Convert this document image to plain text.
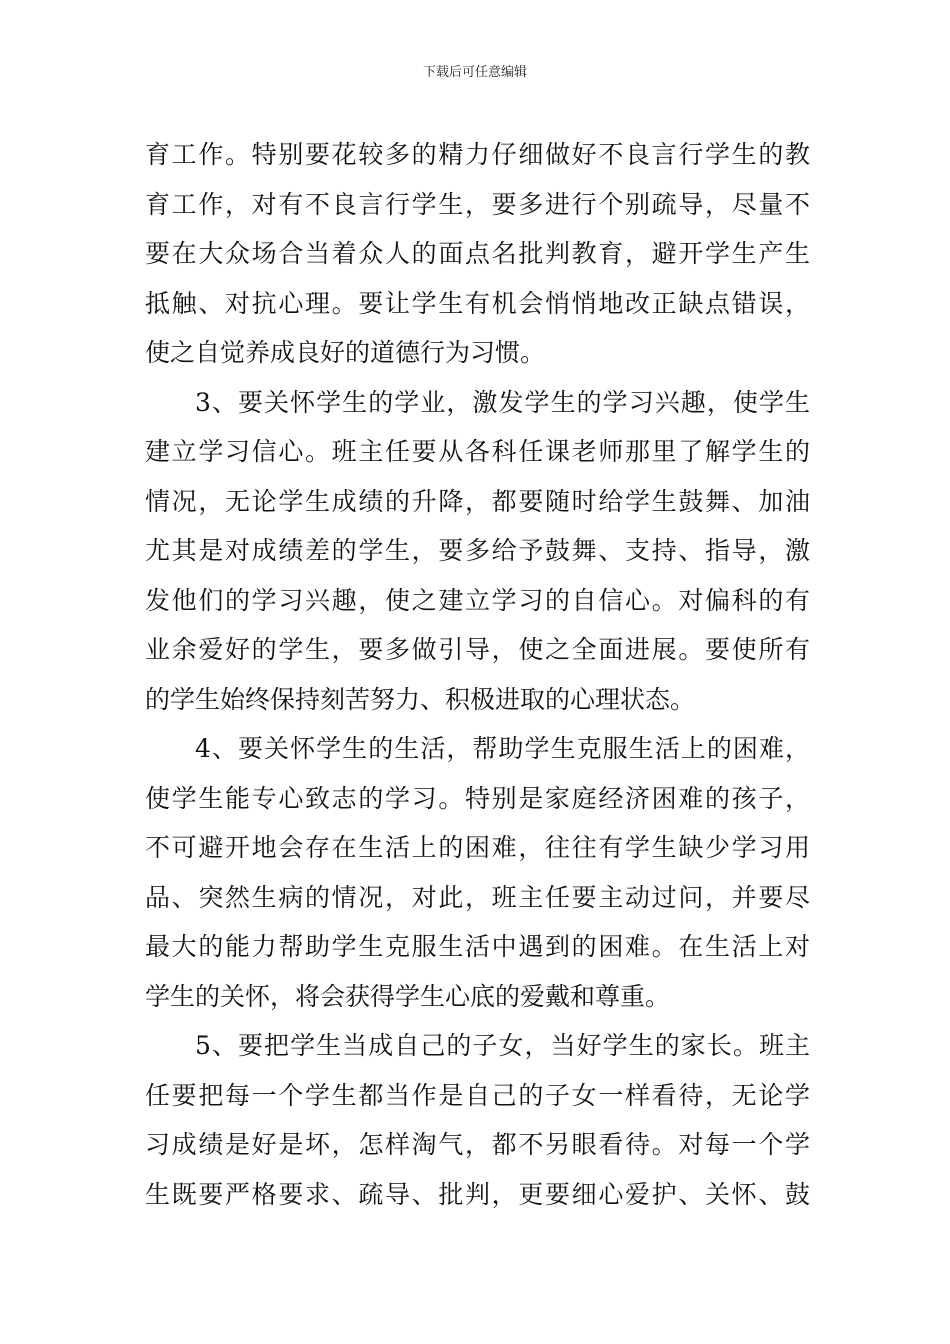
下载后可任意编辑
育工作。特别要花较多的精力仔细做好不良言行学生的教
育工作，对有不良言行学生，要多进行个别疏导，尽量不
要在大众场合当着众人的面点名批判教育，避开学生产生
抵触、对抗心理。要让学生有机会悄悄地改正缺点错误，
使之自觉养成良好的道德行为习惯。
3、要关怀学生的学业，激发学生的学习兴趣，使学生
建立学习信心。班主任要从各科任课老师那里了解学生的
情况，无论学生成绩的升降，都要随时给学生鼓舞、加油
尤其是对成绩差的学生，要多给予鼓舞、支持、指导，激
发他们的学习兴趣，使之建立学习的自信心。对偏科的有
业余爱好的学生，要多做引导，使之全面进展。要使所有
的学生始终保持刻苦努力、积极进取的心理状态。
4、要关怀学生的生活，帮助学生克服生活上的困难，
使学生能专心致志的学习。特别是家庭经济困难的孩子，
不可避开地会存在生活上的困难，往往有学生缺少学习用
品、突然生病的情况，对此，班主任要主动过问，并要尽
最大的能力帮助学生克服生活中遇到的困难。在生活上对
学生的关怀，将会获得学生心底的爱戴和尊重。
5、要把学生当成自己的子女，当好学生的家长。班主
任要把每一个学生都当作是自己的子女一样看待，无论学
习成绩是好是坏，怎样淘气，都不另眼看待。对每一个学
生既要严格要求、疏导、批判，更要细心爱护、关怀、鼓
